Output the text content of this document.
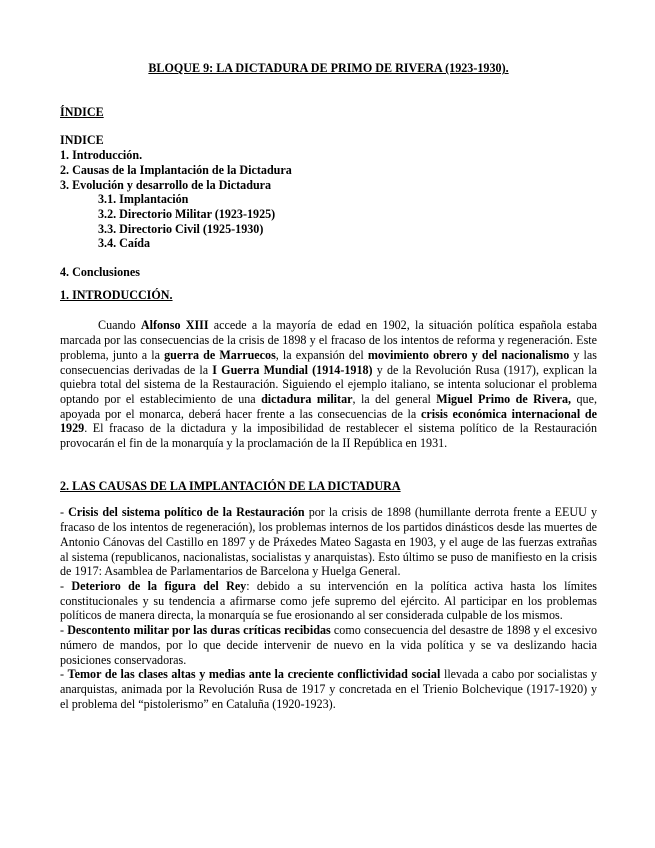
BLOQUE 9: LA DICTADURA DE PRIMO DE RIVERA (1923-1930).

ÍNDICE

INDICE

1. Introducción.
2. Causas de la Implantación de la Dictadura
3. Evolución y desarrollo de la Dictadura
3.1. Implantación
3.2. Directorio Militar (1923-1925)
3.3. Directorio Civil (1925-1930)
3.4. Caída

4. Conclusiones

1. INTRODUCCIÓN.

Cuando Alfonso XIII accede a la mayoría de edad en 1902, la situación política española estaba marcada por las consecuencias de la crisis de 1898 y el fracaso de los intentos de reforma y regeneración. Este problema, junto a la guerra de Marruecos, la expansión del movimiento obrero y del nacionalismo y las consecuencias derivadas de la I Guerra Mundial (1914-1918) y de la Revolución Rusa (1917), explican la quiebra total del sistema de la Restauración. Siguiendo el ejemplo italiano, se intenta solucionar el problema optando por el establecimiento de una dictadura militar, la del general Miguel Primo de Rivera, que, apoyada por el monarca, deberá hacer frente a las consecuencias de la crisis económica internacional de 1929. El fracaso de la dictadura y la imposibilidad de restablecer el sistema político de la Restauración provocarán el fin de la monarquía y la proclamación de la II República en 1931.

2. LAS CAUSAS DE LA IMPLANTACIÓN DE LA DICTADURA

- Crisis del sistema político de la Restauración por la crisis de 1898 (humillante derrota frente a EEUU y fracaso de los intentos de regeneración), los problemas internos de los partidos dinásticos desde las muertes de Antonio Cánovas del Castillo en 1897 y de Práxedes Mateo Sagasta en 1903, y el auge de las fuerzas extrañas al sistema (republicanos, nacionalistas, socialistas y anarquistas). Esto último se puso de manifiesto en la crisis de 1917: Asamblea de Parlamentarios de Barcelona y Huelga General.

- Deterioro de la figura del Rey: debido a su intervención en la política activa hasta los límites constitucionales y su tendencia a afirmarse como jefe supremo del ejército. Al participar en los problemas políticos de manera directa, la monarquía se fue erosionando al ser considerada culpable de los mismos.

- Descontento militar por las duras críticas recibidas como consecuencia del desastre de 1898 y el excesivo número de mandos, por lo que decide intervenir de nuevo en la vida política y se va deslizando hacia posiciones conservadoras.

- Temor de las clases altas y medias ante la creciente conflictividad social llevada a cabo por socialistas y anarquistas, animada por la Revolución Rusa de 1917 y concretada en el Trienio Bolchevique (1917-1920) y el problema del “pistolerismo” en Cataluña (1920-1923).
